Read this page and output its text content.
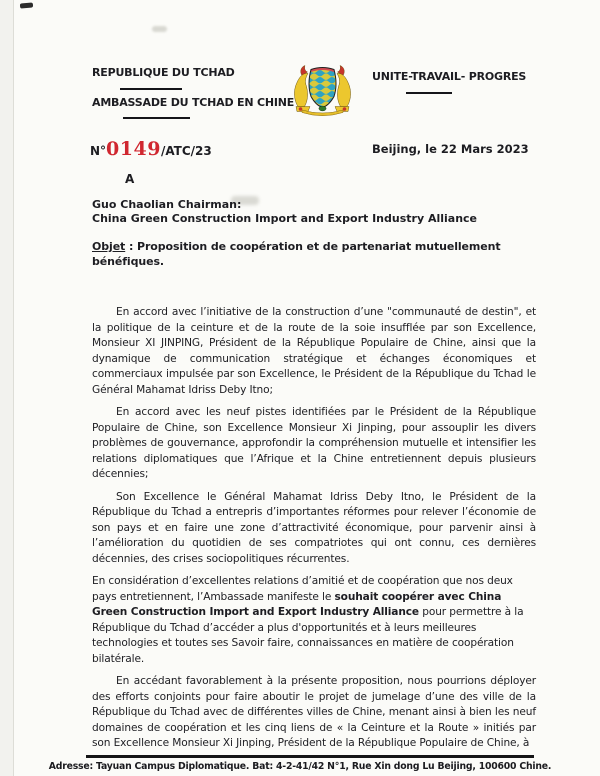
REPUBLIQUE DU TCHAD
AMBASSADE DU TCHAD EN CHINE
UNITE-TRAVAIL- PROGRES
N°0149/ATC/23	Beijing, le 22 Mars 2023
A
Guo Chaolian Chairman:
China Green Construction Import and Export Industry Alliance
Objet : Proposition de coopération et de partenariat mutuellement bénéfiques.

En accord avec l’initiative de la construction d’une "communauté de destin", et la politique de la ceinture et de la route de la soie insufflée par son Excellence, Monsieur XI JINPING, Président de la République Populaire de Chine, ainsi que la dynamique de communication stratégique et échanges économiques et commerciaux impulsée par son Excellence, le Président de la République du Tchad le Général Mahamat Idriss Deby Itno;

En accord avec les neuf pistes identifiées par le Président de la République Populaire de Chine, son Excellence Monsieur Xi Jinping, pour assouplir les divers problèmes de gouvernance, approfondir la compréhension mutuelle et intensifier les relations diplomatiques que l’Afrique et la Chine entretiennent depuis plusieurs décennies;

Son Excellence le Général Mahamat Idriss Deby Itno, le Président de la République du Tchad a entrepris d’importantes réformes pour relever l’économie de son pays et en faire une zone d’attractivité économique, pour parvenir ainsi à l’amélioration du quotidien de ses compatriotes qui ont connu, ces dernières décennies, des crises sociopolitiques récurrentes.

En considération d’excellentes relations d’amitié et de coopération que nos deux pays entretiennent, l’Ambassade manifeste le souhait coopérer avec China Green Construction Import and Export Industry Alliance pour permettre à la République du Tchad d’accéder a plus d'opportunités et à leurs meilleures technologies et toutes ses Savoir faire, connaissances en matière de coopération bilatérale.

En accédant favorablement à la présente proposition, nous pourrions déployer des efforts conjoints pour faire aboutir le projet de jumelage d’une des ville de la République du Tchad avec de différentes villes de Chine, menant ainsi à bien les neuf domaines de coopération et les cinq liens de « la Ceinture et la Route » initiés par son Excellence Monsieur Xi Jinping, Président de la République Populaire de Chine, à

Adresse: Tayuan Campus Diplomatique. Bat: 4-2-41/42 N°1, Rue Xin dong Lu Beijing, 100600 Chine.
